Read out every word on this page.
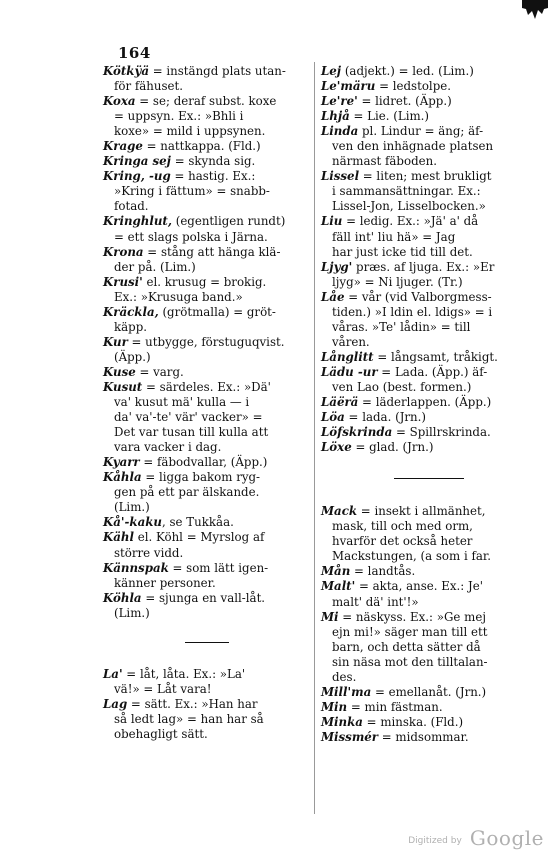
164
Kötkÿä = instängd plats utan-
för fähuset.
Koxa = se; deraf subst. koxe
= uppsyn. Ex.: »Bhli i
koxe» = mild i uppsynen.
Krage = nattkappa. (Fld.)
Kringa sej = skynda sig.
Kring, -ug = hastig. Ex.:
»Kring i fättum» = snabb-
fotad.
Kringhlut, (egentligen rundt)
= ett slags polska i Järna.
Krona = stång att hänga klä-
der på. (Lim.)
Krusi' el. krusug = brokig.
Ex.: »Krusuga band.»
Kräckla, (grötmalla) = gröt-
käpp.
Kur = utbygge, förstuguqvist.
(Äpp.)
Kuse = varg.
Kusut = särdeles. Ex.: »Dä'
va' kusut mä' kulla — i
da' va'-te' vär' vacker» =
Det var tusan till kulla att
vara vacker i dag.
Kyarr = fäbodvallar, (Äpp.)
Kåhla = ligga bakom ryg-
gen på ett par älskande.
(Lim.)
Kå'-kaku, se Tukkåa.
Kähl el. Köhl = Myrslog af
större vidd.
Kännspak = som lätt igen-
känner personer.
Köhla = sjunga en vall-låt.
(Lim.)
La' = låt, låta. Ex.: »La'
vä!» = Låt vara!
Lag = sätt. Ex.: »Han har
så ledt lag» = han har så
obehagligt sätt.
Lej (adjekt.) = led. (Lim.)
Le'märu = ledstolpe.
Le're' = lidret. (Äpp.)
Lhjå = Lie. (Lim.)
Linda pl. Lindur = äng; äf-
ven den inhägnade platsen
närmast fäboden.
Lissel = liten; mest brukligt
i sammansättningar. Ex.:
Lissel-Jon, Lisselbocken.»
Liu = ledig. Ex.: »Jä' a' då
fäll int' liu hä» = Jag
har just icke tid till det.
Ljyg' præs. af ljuga. Ex.: »Er
ljyg» = Ni ljuger. (Tr.)
Låe = vår (vid Valborgmess-
tiden.) »I ldin el. ldigs» = i
våras. »Te' lådin» = till
våren.
Långlitt = långsamt, tråkigt.
Lädu -ur = Lada. (Äpp.) äf-
ven Lao (best. formen.)
Läërä = läderlappen. (Äpp.)
Löa = lada. (Jrn.)
Löfskrinda = Spillrskrinda.
Löxe = glad. (Jrn.)
Mack = insekt i allmänhet,
mask, till och med orm,
hvarför det också heter
Mackstungen, (a som i far.
Mån = landtås.
Malt' = akta, anse. Ex.: Je'
malt' dä' int'!»
Mi = näskyss. Ex.: »Ge mej
ejn mi!» säger man till ett
barn, och detta sätter då
sin näsa mot den tilltalan-
des.
Mill'ma = emellanåt. (Jrn.)
Min = min fästman.
Minka = minska. (Fld.)
Missmér = midsommar.
Digitized by Google
